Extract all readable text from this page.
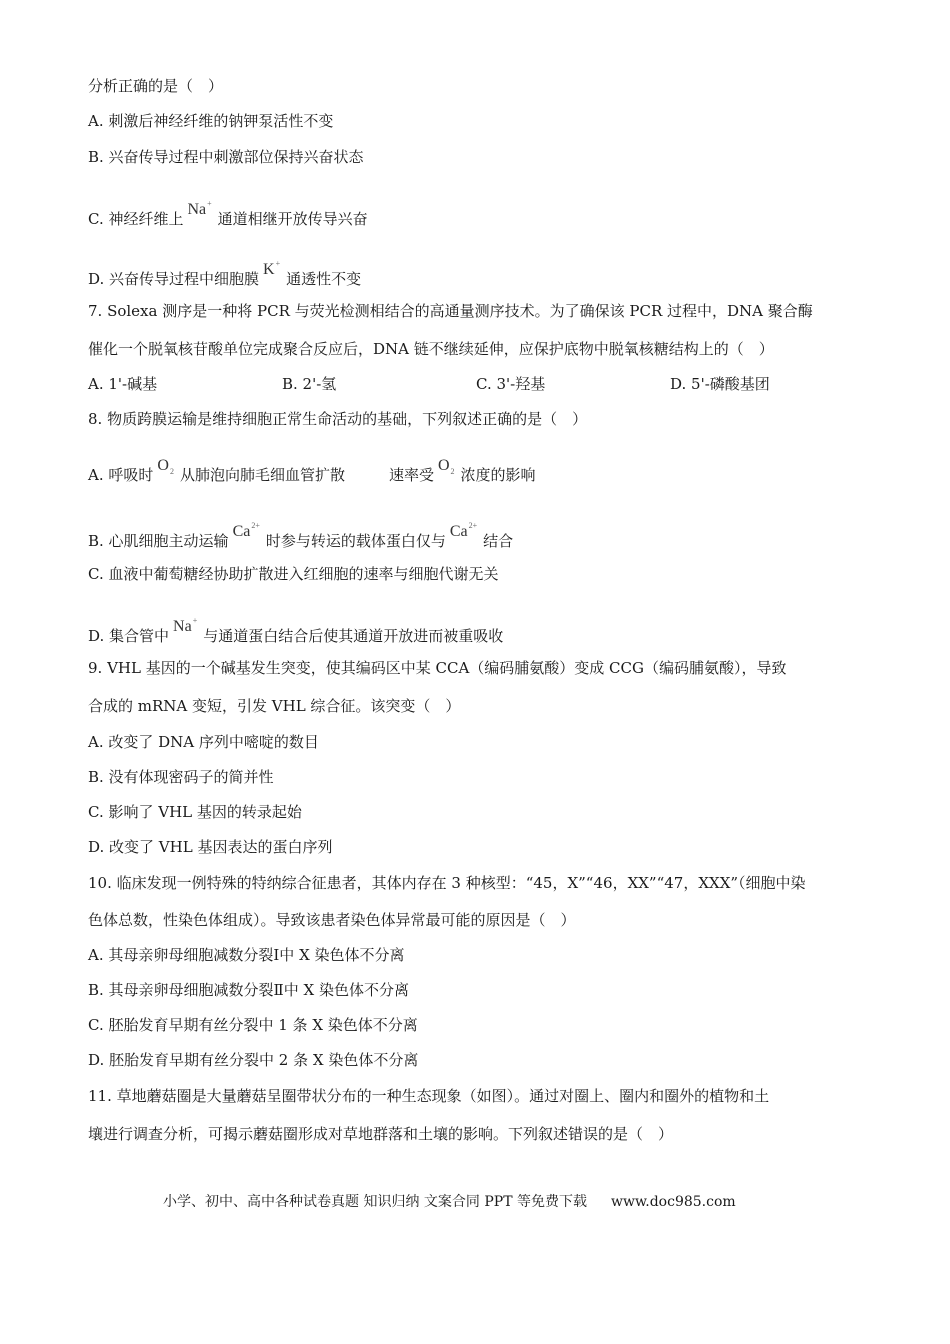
分析正确的是（　）
A. 刺激后神经纤维的钠钾泵活性不变
B. 兴奋传导过程中刺激部位保持兴奋状态
C. 神经纤维上Na+通道相继开放传导兴奋
D. 兴奋传导过程中细胞膜K+通透性不变
7. Solexa 测序是一种将 PCR 与荧光检测相结合的高通量测序技术。为了确保该 PCR 过程中，DNA 聚合酶
催化一个脱氧核苷酸单位完成聚合反应后，DNA 链不继续延伸，应保护底物中脱氧核糖结构上的（　）
A. 1'-碱基	B. 2'-氢	C. 3'-羟基	D. 5'-磷酸基团
8. 物质跨膜运输是维持细胞正常生命活动的基础，下列叙述正确的是（　）
A. 呼吸时$O_2$ 从肺泡向肺毛细血管扩散	速率受$O_2$ 浓度的影响
B. 心肌细胞主动运输$Ca^{2+}$时参与转运的载体蛋白仅与$Ca^{2+}$结合
C. 血液中葡萄糖经协助扩散进入红细胞的速率与细胞代谢无关
D. 集合管中Na+与通道蛋白结合后使其通道开放进而被重吸收
9. VHL 基因的一个碱基发生突变，使其编码区中某 CCA（编码脯氨酸）变成 CCG（编码脯氨酸），导致
合成的 mRNA 变短，引发 VHL 综合征。该突变（　）
A. 改变了 DNA 序列中嘧啶的数目
B. 没有体现密码子的简并性
C. 影响了 VHL 基因的转录起始
D. 改变了 VHL 基因表达的蛋白序列
10. 临床发现一例特殊的特纳综合征患者，其体内存在 3 种核型：“45，X”“46，XX”“47，XXX”（细胞中染
色体总数，性染色体组成）。导致该患者染色体异常最可能的原因是（　）
A. 其母亲卵母细胞减数分裂Ⅰ中 X 染色体不分离
B. 其母亲卵母细胞减数分裂Ⅱ中 X 染色体不分离
C. 胚胎发育早期有丝分裂中 1 条 X 染色体不分离
D. 胚胎发育早期有丝分裂中 2 条 X 染色体不分离
11. 草地蘑菇圈是大量蘑菇呈圈带状分布的一种生态现象（如图）。通过对圈上、圈内和圈外的植物和土
壤进行调查分析，可揭示蘑菇圈形成对草地群落和土壤的影响。下列叙述错误的是（　）
小学、初中、高中各种试卷真题 知识归纳 文案合同 PPT 等免费下载 www.doc985.com
